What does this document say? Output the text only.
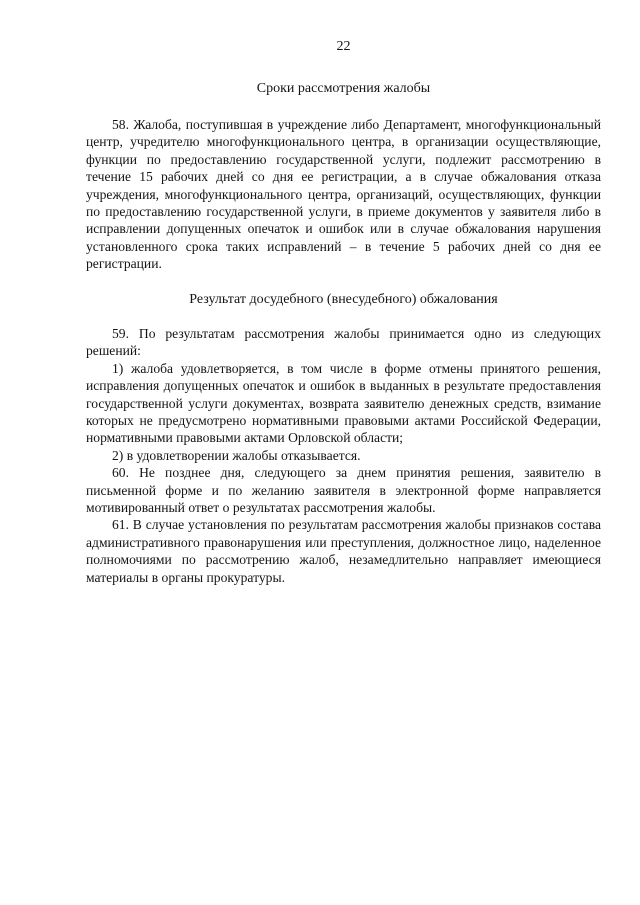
22
Сроки рассмотрения жалобы

58. Жалоба, поступившая в учреждение либо Департамент, многофункциональный центр, учредителю многофункционального центра, в организации осуществляющие, функции по предоставлению государственной услуги, подлежит рассмотрению в течение 15 рабочих дней со дня ее регистрации, а в случае обжалования отказа учреждения, многофункционального центра, организаций, осуществляющих, функции по предоставлению государственной услуги, в приеме документов у заявителя либо в исправлении допущенных опечаток и ошибок или в случае обжалования нарушения установленного срока таких исправлений – в течение 5 рабочих дней со дня ее регистрации.

Результат досудебного (внесудебного) обжалования

59. По результатам рассмотрения жалобы принимается одно из следующих решений:

1) жалоба удовлетворяется, в том числе в форме отмены принятого решения, исправления допущенных опечаток и ошибок в выданных в результате предоставления государственной услуги документах, возврата заявителю денежных средств, взимание которых не предусмотрено нормативными правовыми актами Российской Федерации, нормативными правовыми актами Орловской области;

2) в удовлетворении жалобы отказывается.

60. Не позднее дня, следующего за днем принятия решения, заявителю в письменной форме и по желанию заявителя в электронной форме направляется мотивированный ответ о результатах рассмотрения жалобы.

61. В случае установления по результатам рассмотрения жалобы признаков состава административного правонарушения или преступления, должностное лицо, наделенное полномочиями по рассмотрению жалоб, незамедлительно направляет имеющиеся материалы в органы прокуратуры.
